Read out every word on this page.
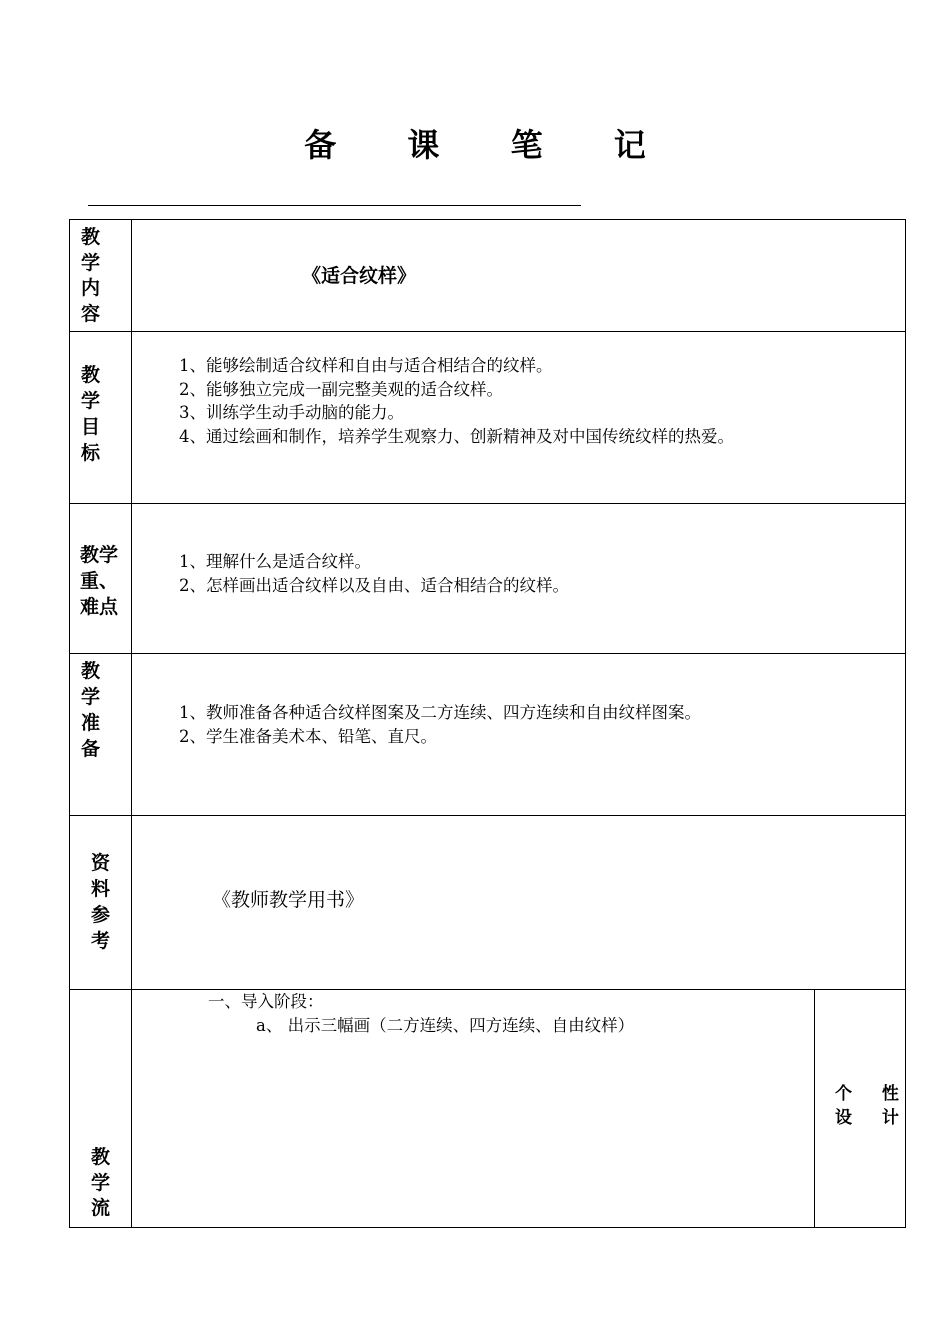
备 课 笔 记
教
学
内
容
《适合纹样》
教
学
目
标
1、能够绘制适合纹样和自由与适合相结合的纹样。
2、能够独立完成一副完整美观的适合纹样。
3、训练学生动手动脑的能力。
4、通过绘画和制作，培养学生观察力、创新精神及对中国传统纹样的热爱。
教学
重、
难点
1、理解什么是适合纹样。
2、怎样画出适合纹样以及自由、适合相结合的纹样。
教
学
准
备
1、教师准备各种适合纹样图案及二方连续、四方连续和自由纹样图案。
2、学生准备美术本、铅笔、直尺。
资
料
参
考
《教师教学用书》
教
学
流
一、导入阶段：
a、 出示三幅画（二方连续、四方连续、自由纹样）
个 性
设 计
